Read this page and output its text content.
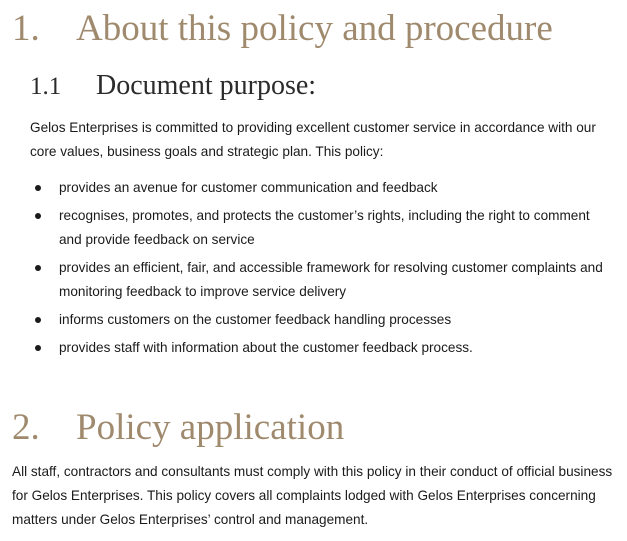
1. About this policy and procedure
1.1 Document purpose:

Gelos Enterprises is committed to providing excellent customer service in accordance with our core values, business goals and strategic plan. This policy:

provides an avenue for customer communication and feedback
recognises, promotes, and protects the customer’s rights, including the right to comment and provide feedback on service
provides an efficient, fair, and accessible framework for resolving customer complaints and monitoring feedback to improve service delivery
informs customers on the customer feedback handling processes
provides staff with information about the customer feedback process.
2. Policy application

All staff, contractors and consultants must comply with this policy in their conduct of official business for Gelos Enterprises. This policy covers all complaints lodged with Gelos Enterprises concerning matters under Gelos Enterprises’ control and management.
